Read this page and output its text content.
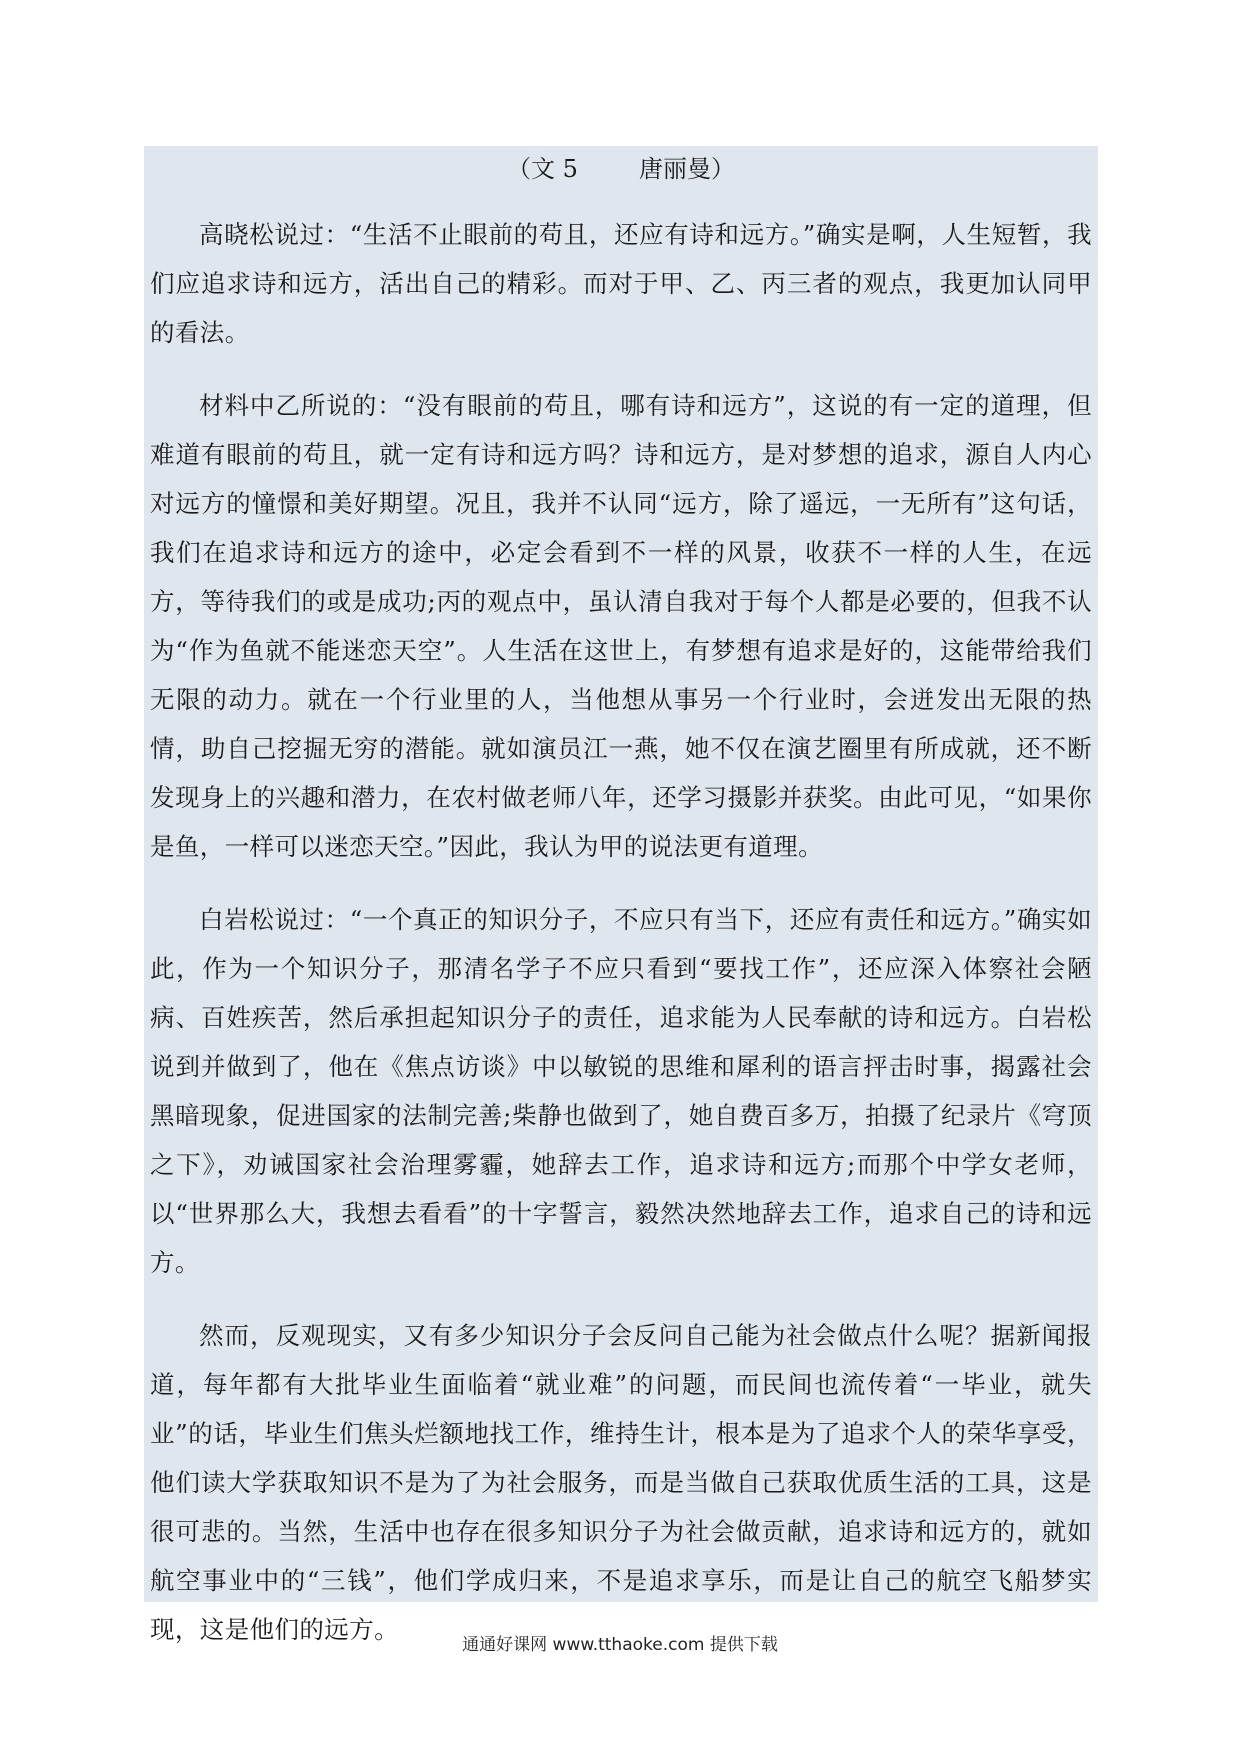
（文 5        唐丽曼）

高晓松说过：“生活不止眼前的苟且，还应有诗和远方。”确实是啊，人生短暂，我们应追求诗和远方，活出自己的精彩。而对于甲、乙、丙三者的观点，我更加认同甲的看法。

材料中乙所说的：“没有眼前的苟且，哪有诗和远方”，这说的有一定的道理，但难道有眼前的苟且，就一定有诗和远方吗？诗和远方，是对梦想的追求，源自人内心对远方的憧憬和美好期望。况且，我并不认同“远方，除了遥远，一无所有”这句话，我们在追求诗和远方的途中，必定会看到不一样的风景，收获不一样的人生，在远方，等待我们的或是成功;丙的观点中，虽认清自我对于每个人都是必要的，但我不认为“作为鱼就不能迷恋天空”。人生活在这世上，有梦想有追求是好的，这能带给我们无限的动力。就在一个行业里的人，当他想从事另一个行业时，会迸发出无限的热情，助自己挖掘无穷的潜能。就如演员江一燕，她不仅在演艺圈里有所成就，还不断发现身上的兴趣和潜力，在农村做老师八年，还学习摄影并获奖。由此可见，“如果你是鱼，一样可以迷恋天空。”因此，我认为甲的说法更有道理。

白岩松说过：“一个真正的知识分子，不应只有当下，还应有责任和远方。”确实如此，作为一个知识分子，那清名学子不应只看到“要找工作”，还应深入体察社会陋病、百姓疾苦，然后承担起知识分子的责任，追求能为人民奉献的诗和远方。白岩松说到并做到了，他在《焦点访谈》中以敏锐的思维和犀利的语言抨击时事，揭露社会黑暗现象，促进国家的法制完善;柴静也做到了，她自费百多万，拍摄了纪录片《穹顶之下》，劝诫国家社会治理雾霾，她辞去工作，追求诗和远方;而那个中学女老师，以“世界那么大，我想去看看”的十字誓言，毅然决然地辞去工作，追求自己的诗和远方。

然而，反观现实，又有多少知识分子会反问自己能为社会做点什么呢？据新闻报道，每年都有大批毕业生面临着“就业难”的问题，而民间也流传着“一毕业，就失业”的话，毕业生们焦头烂额地找工作，维持生计，根本是为了追求个人的荣华享受，他们读大学获取知识不是为了为社会服务，而是当做自己获取优质生活的工具，这是很可悲的。当然，生活中也存在很多知识分子为社会做贡献，追求诗和远方的，就如航空事业中的“三钱”，他们学成归来，不是追求享乐，而是让自己的航空飞船梦实现，这是他们的远方。

通通好课网 www.tthaoke.com 提供下载
